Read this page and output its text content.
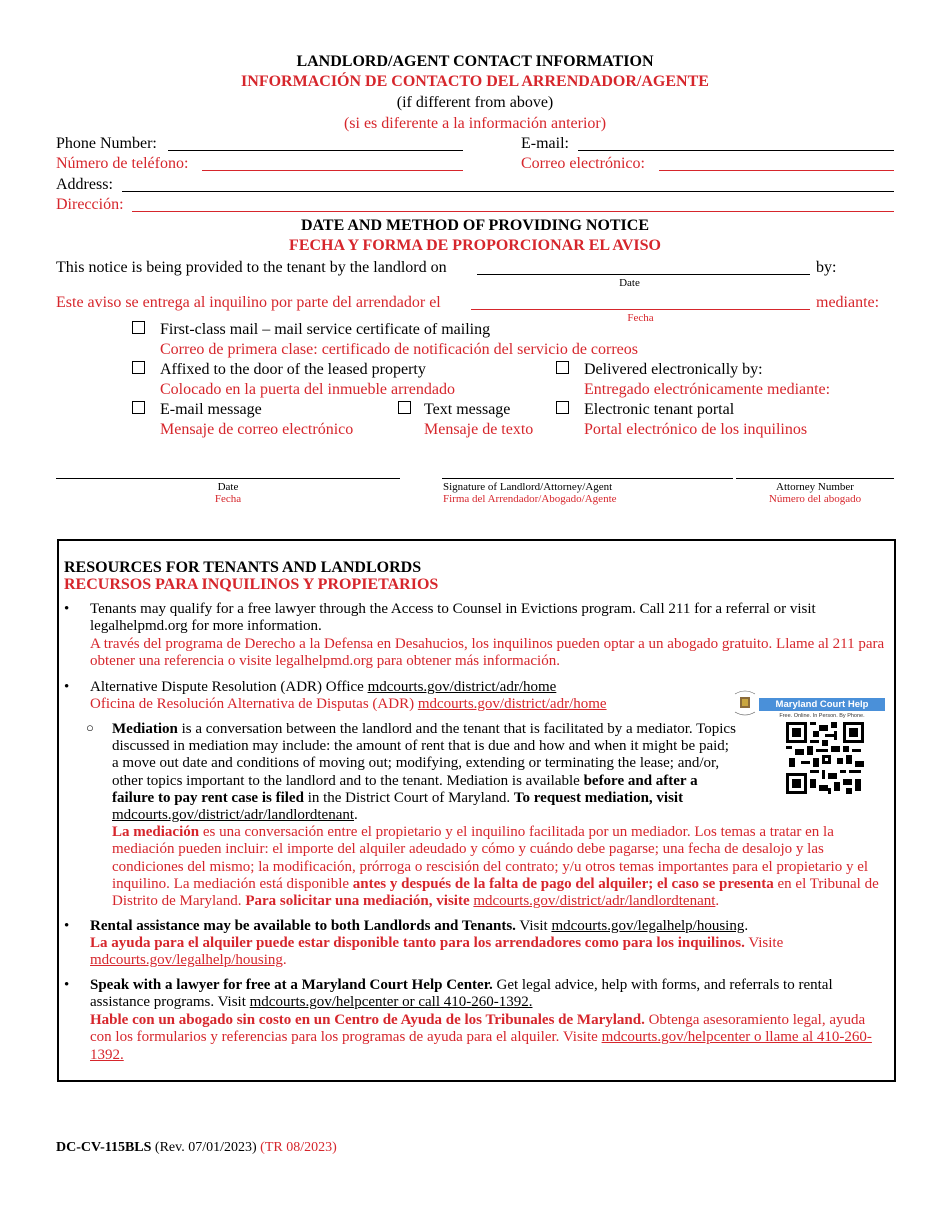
LANDLORD/AGENT CONTACT INFORMATION
INFORMACIÓN DE CONTACTO DEL ARRENDADOR/AGENTE
(if different from above)
(si es diferente a la información anterior)
Phone Number:
Número de teléfono:
E-mail:
Correo electrónico:
Address:
Dirección:
DATE AND METHOD OF PROVIDING NOTICE
FECHA Y FORMA DE PROPORCIONAR EL AVISO
This notice is being provided to the tenant by the landlord on	by:
Date
Este aviso se entrega al inquilino por parte del arrendador el	mediante:
Fecha
First-class mail – mail service certificate of mailing
Correo de primera clase: certificado de notificación del servicio de correos
Affixed to the door of the leased property
Colocado en la puerta del inmueble arrendado
Delivered electronically by:
Entregado electrónicamente mediante:
E-mail message
Mensaje de correo electrónico
Text message
Mensaje de texto
Electronic tenant portal
Portal electrónico de los inquilinos
Date
Fecha
Signature of Landlord/Attorney/Agent
Firma del Arrendador/Abogado/Agente
Attorney Number
Número del abogado
RESOURCES FOR TENANTS AND LANDLORDS
RECURSOS PARA INQUILINOS Y PROPIETARIOS
• Tenants may qualify for a free lawyer through the Access to Counsel in Evictions program. Call 211 for a referral or visit legalhelpmd.org for more information.
A través del programa de Derecho a la Defensa en Desahucios, los inquilinos pueden optar a un abogado gratuito. Llame al 211 para obtener una referencia o visite legalhelpmd.org para obtener más información.
• Alternative Dispute Resolution (ADR) Office mdcourts.gov/district/adr/home
Oficina de Resolución Alternativa de Disputas (ADR) mdcourts.gov/district/adr/home
○ Mediation is a conversation between the landlord and the tenant that is facilitated by a mediator. Topics discussed in mediation may include: the amount of rent that is due and how and when it might be paid; a move out date and conditions of moving out; modifying, extending or terminating the lease; and/or, other topics important to the landlord and to the tenant. Mediation is available before and after a failure to pay rent case is filed in the District Court of Maryland. To request mediation, visit mdcourts.gov/district/adr/landlordtenant.
La mediación es una conversación entre el propietario y el inquilino facilitada por un mediador. Los temas a tratar en la mediación pueden incluir: el importe del alquiler adeudado y cómo y cuándo debe pagarse; una fecha de desalojo y las condiciones del mismo; la modificación, prórroga o rescisión del contrato; y/u otros temas importantes para el propietario y el inquilino. La mediación está disponible antes y después de la falta de pago del alquiler; el caso se presenta en el Tribunal de Distrito de Maryland. Para solicitar una mediación, visite mdcourts.gov/district/adr/landlordtenant.
Maryland Court Help
Free. Online. In Person. By Phone.
• Rental assistance may be available to both Landlords and Tenants. Visit mdcourts.gov/legalhelp/housing.
La ayuda para el alquiler puede estar disponible tanto para los arrendadores como para los inquilinos. Visite mdcourts.gov/legalhelp/housing.
• Speak with a lawyer for free at a Maryland Court Help Center. Get legal advice, help with forms, and referrals to rental assistance programs. Visit mdcourts.gov/helpcenter or call 410-260-1392.
Hable con un abogado sin costo en un Centro de Ayuda de los Tribunales de Maryland. Obtenga asesoramiento legal, ayuda con los formularios y referencias para los programas de ayuda para el alquiler. Visite mdcourts.gov/helpcenter o llame al 410-260-1392.
DC-CV-115BLS (Rev. 07/01/2023) (TR 08/2023)
